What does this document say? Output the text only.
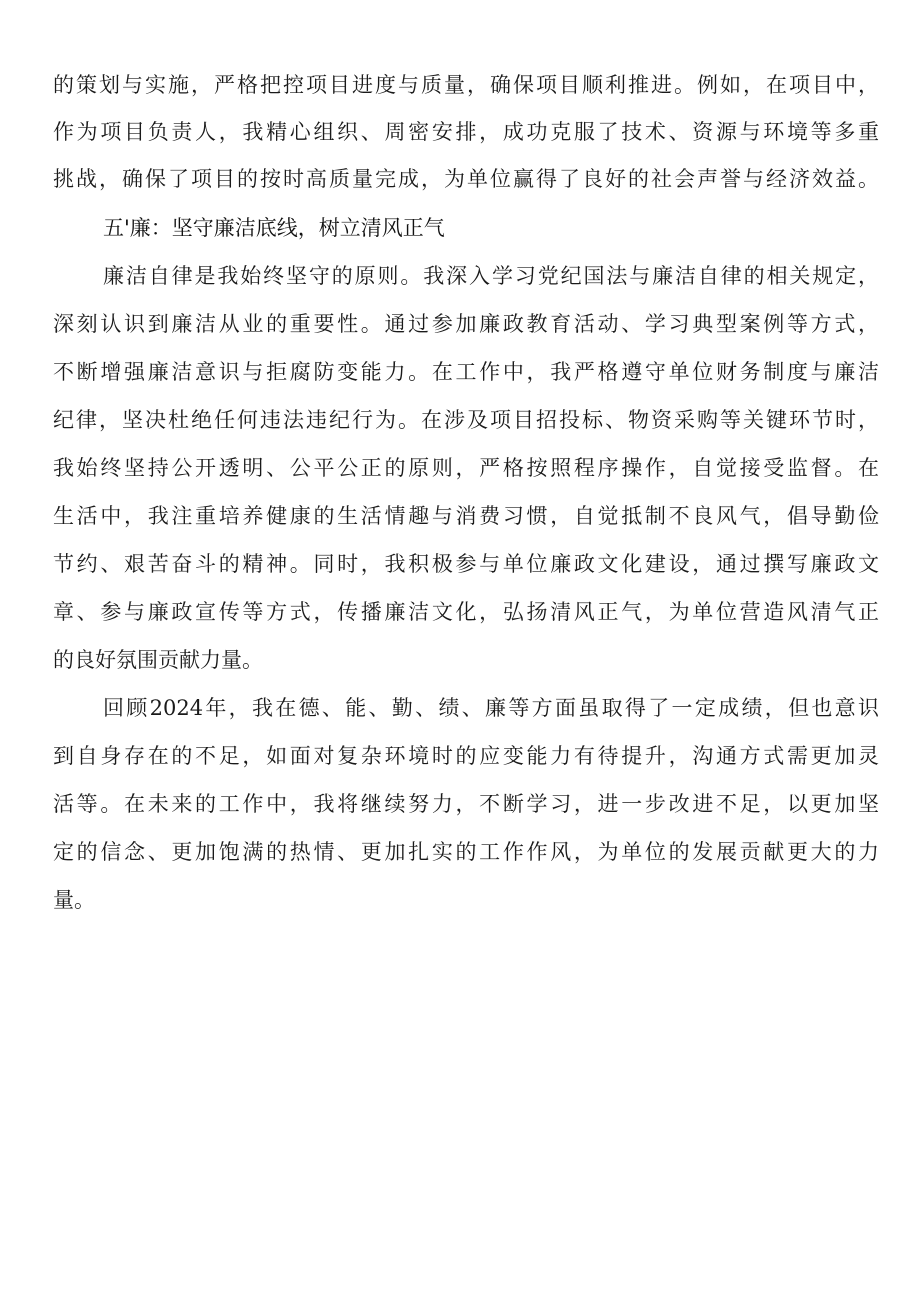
的策划与实施，严格把控项目进度与质量，确保项目顺利推进。例如，在项目中，
作为项目负责人，我精心组织、周密安排，成功克服了技术、资源与环境等多重
挑战，确保了项目的按时高质量完成，为单位赢得了良好的社会声誉与经济效益。
五'廉：坚守廉洁底线，树立清风正气
廉洁自律是我始终坚守的原则。我深入学习党纪国法与廉洁自律的相关规定，
深刻认识到廉洁从业的重要性。通过参加廉政教育活动、学习典型案例等方式，
不断增强廉洁意识与拒腐防变能力。在工作中，我严格遵守单位财务制度与廉洁
纪律，坚决杜绝任何违法违纪行为。在涉及项目招投标、物资采购等关键环节时，
我始终坚持公开透明、公平公正的原则，严格按照程序操作，自觉接受监督。在
生活中，我注重培养健康的生活情趣与消费习惯，自觉抵制不良风气，倡导勤俭
节约、艰苦奋斗的精神。同时，我积极参与单位廉政文化建设，通过撰写廉政文
章、参与廉政宣传等方式，传播廉洁文化，弘扬清风正气，为单位营造风清气正
的良好氛围贡献力量。
回顾2024年，我在德、能、勤、绩、廉等方面虽取得了一定成绩，但也意识
到自身存在的不足，如面对复杂环境时的应变能力有待提升，沟通方式需更加灵
活等。在未来的工作中，我将继续努力，不断学习，进一步改进不足，以更加坚
定的信念、更加饱满的热情、更加扎实的工作作风，为单位的发展贡献更大的力
量。
